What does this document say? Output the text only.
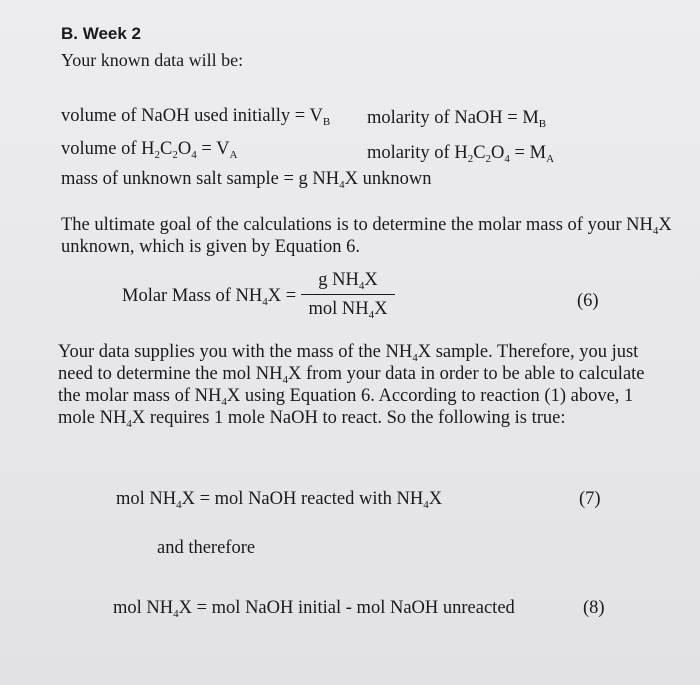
B. Week 2
Your known data will be:
volume of NaOH used initially = $V_B$ molarity of NaOH = $M_B$
volume of $H_2C_2O_4 = V_A$	molarity of $H_2C_2O_4 = M_A$
mass of unknown salt sample = g $NH_4X$ unknown
The ultimate goal of the calculations is to determine the molar mass of your $NH_4X$
unknown, which is given by Equation 6.
Molar Mass of $NH_4X$ =
g $NH_4X$
mol $NH_4X$	(6)
Your data supplies you with the mass of the $NH_4X$ sample. Therefore, you just
need to determine the mol $NH_4X$ from your data in order to be able to calculate
the molar mass of $NH_4X$ using Equation 6. According to reaction (1) above, 1
mole $NH_4X$ requires 1 mole NaOH to react. So the following is true:
mol $NH_4X$ = mol NaOH reacted with $NH_4X$	(7)
and therefore
mol $NH_4X$ = mol NaOH initial - mol NaOH unreacted	(8)
